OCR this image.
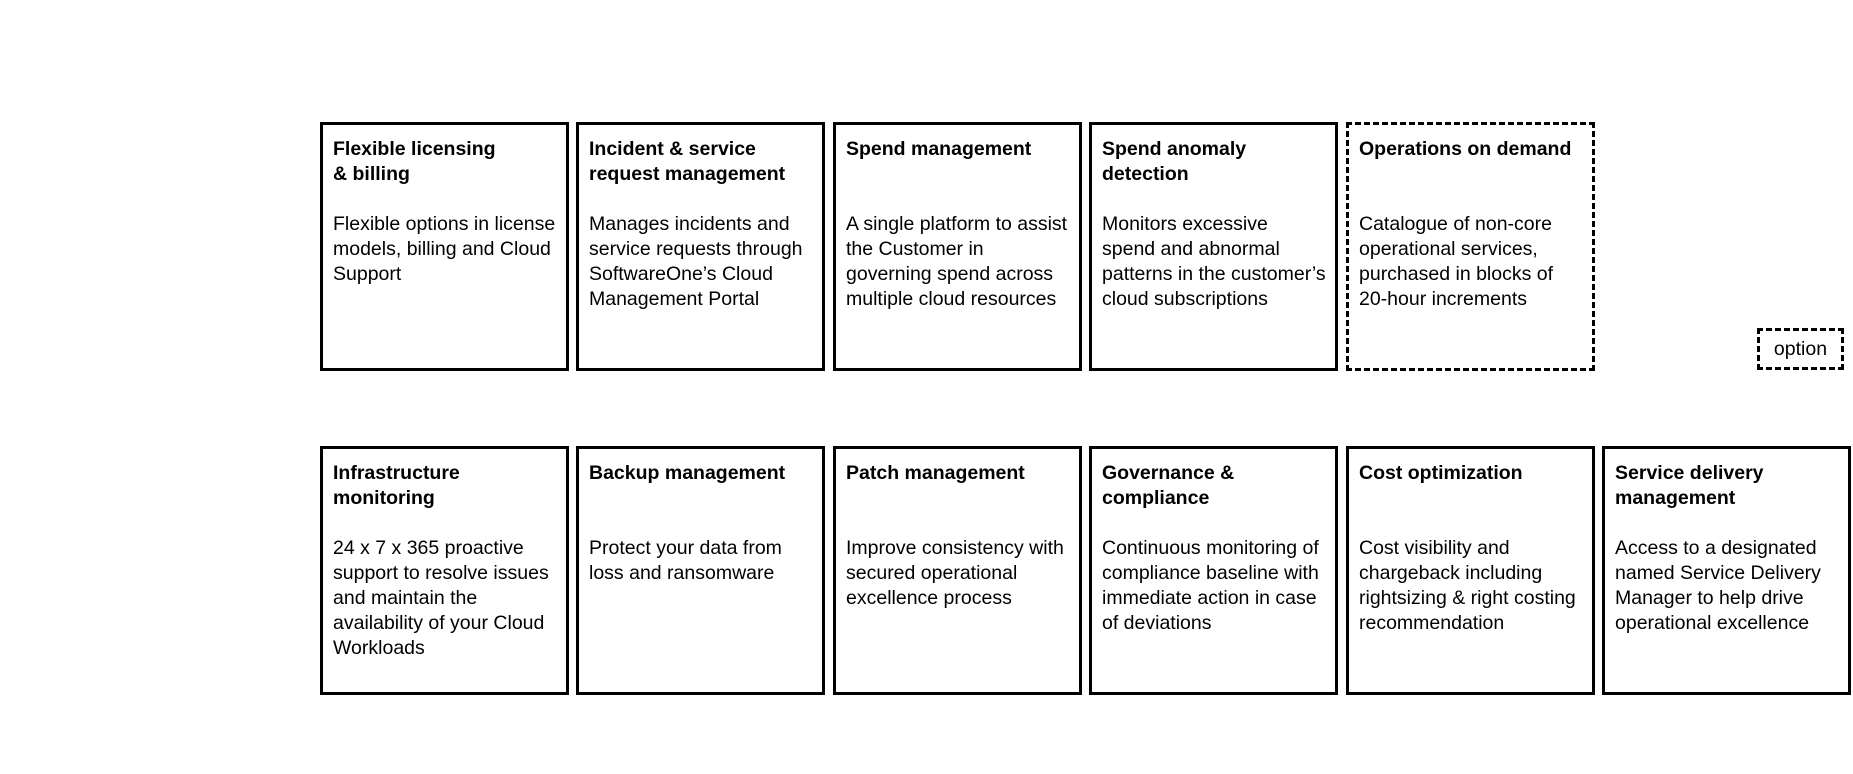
Flexible licensing
& billing
Flexible options in license models, billing and Cloud Support
Incident & service request management
Manages incidents and service requests through SoftwareOne’s Cloud Management Portal
Spend management
A single platform to assist the Customer in governing spend across multiple cloud resources
Spend anomaly detection
Monitors excessive spend and abnormal patterns in the customer’s cloud subscriptions
Operations on demand
Catalogue of non-core operational services, purchased in blocks of 20-hour increments
option
Infrastructure monitoring
24 x 7 x 365 proactive support to resolve issues and maintain the availability of your Cloud Workloads
Backup management
Protect your data from loss and ransomware
Patch management
Improve consistency with secured operational excellence process
Governance & compliance
Continuous monitoring of compliance baseline with immediate action in case of deviations
Cost optimization
Cost visibility and chargeback including rightsizing & right costing recommendation
Service delivery management
Access to a designated named Service Delivery Manager to help drive operational excellence
